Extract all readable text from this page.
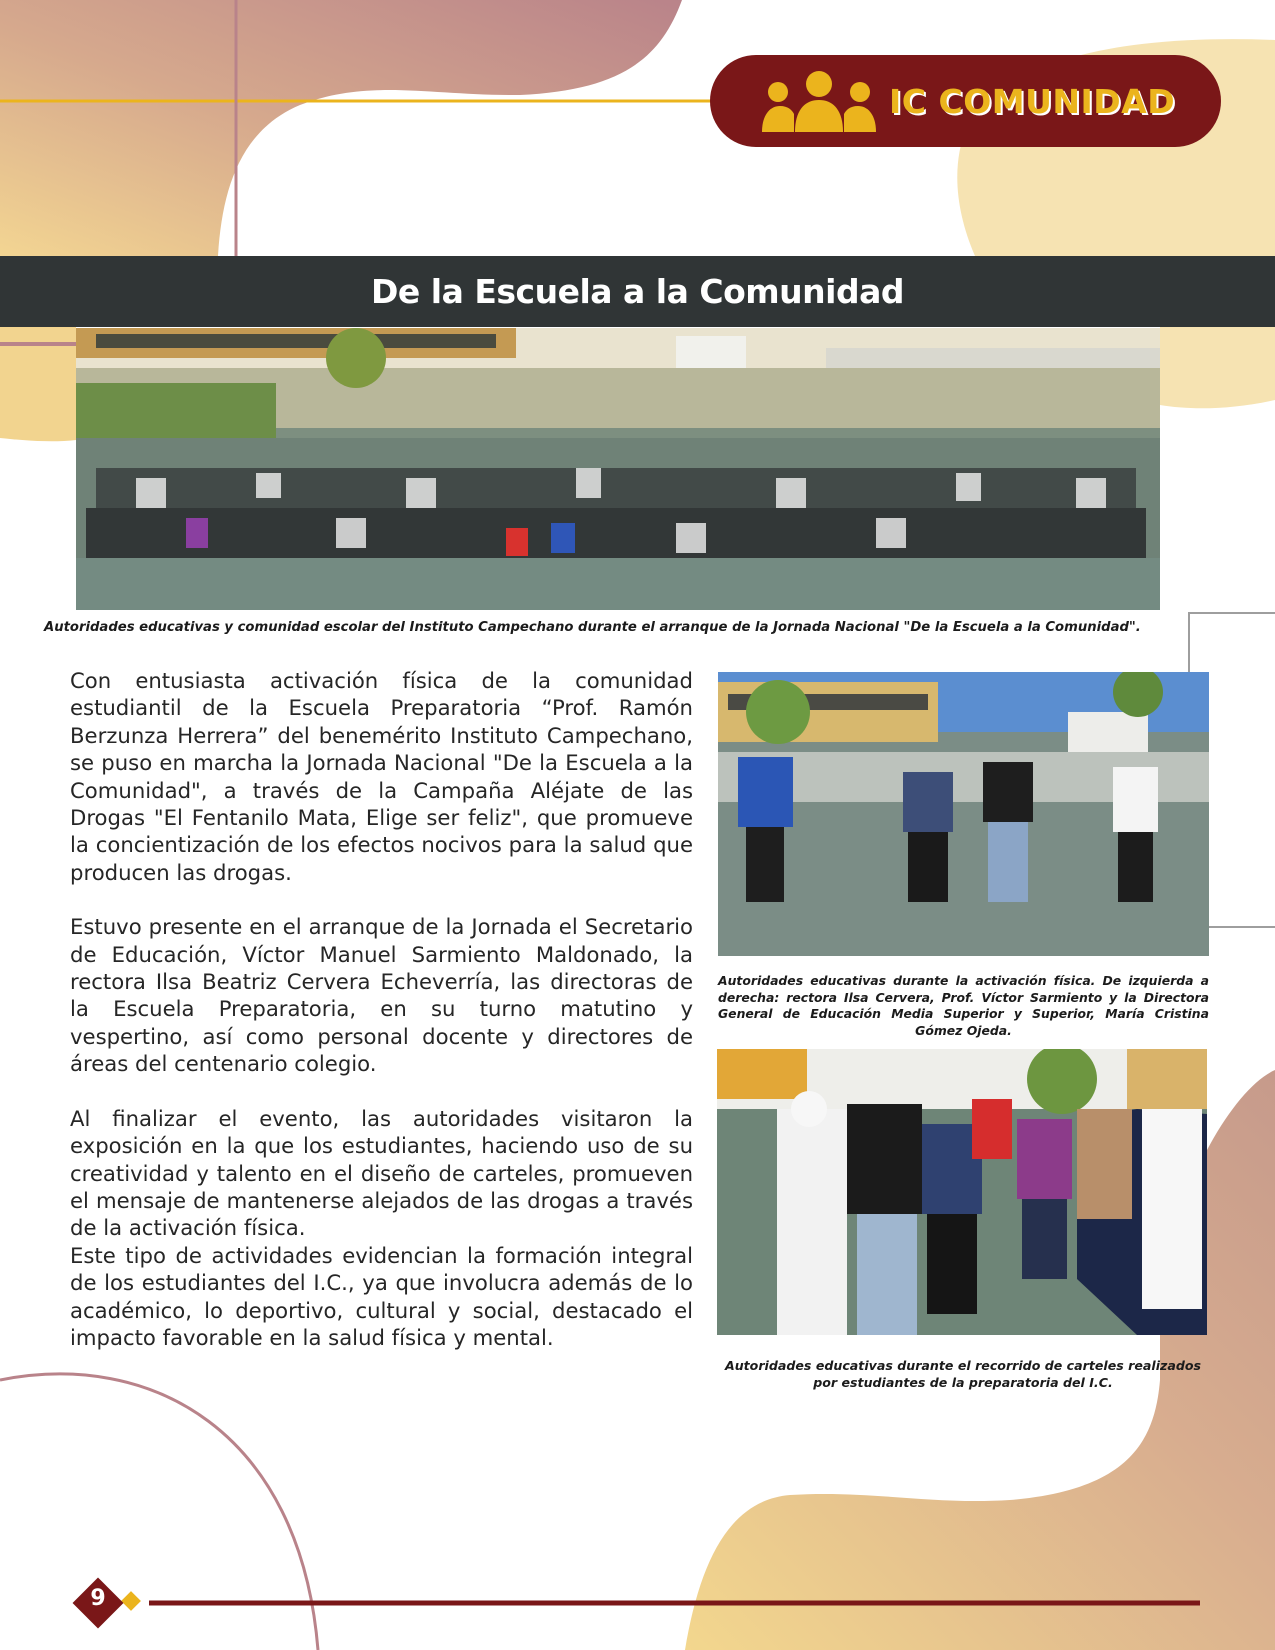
IC COMUNIDAD
De la Escuela a la Comunidad
Autoridades educativas y comunidad escolar del Instituto Campechano durante el arranque de la Jornada Nacional "De la Escuela a la Comunidad".

Con entusiasta activación física de la comunidad estudiantil de la Escuela Preparatoria “Prof. Ramón Berzunza Herrera” del benemérito Instituto Campechano, se puso en marcha la Jornada Nacional "De la Escuela a la Comunidad", a través de la Campaña Aléjate de las Drogas "El Fentanilo Mata, Elige ser feliz", que promueve la concientización de los efectos nocivos para la salud que producen las drogas.

Estuvo presente en el arranque de la Jornada el Secretario de Educación, Víctor Manuel Sarmiento Maldonado, la rectora Ilsa Beatriz Cervera Echeverría, las directoras de la Escuela Preparatoria, en su turno matutino y vespertino, así como personal docente y directores de áreas del centenario colegio.

Al finalizar el evento, las autoridades visitaron la exposición en la que los estudiantes, haciendo uso de su creatividad y talento en el diseño de carteles, promueven el mensaje de mantenerse alejados de las drogas a través de la activación física.

Este tipo de actividades evidencian la formación integral de los estudiantes del I.C., ya que involucra además de lo académico, lo deportivo, cultural y social, destacado el impacto favorable en la salud física y mental.

Autoridades educativas durante la activación física. De izquierda a derecha: rectora Ilsa Cervera, Prof. Víctor Sarmiento y la Directora General de Educación Media Superior y Superior, María Cristina Gómez Ojeda.
Autoridades educativas durante el recorrido de carteles realizados por estudiantes de la preparatoria del I.C.
9
